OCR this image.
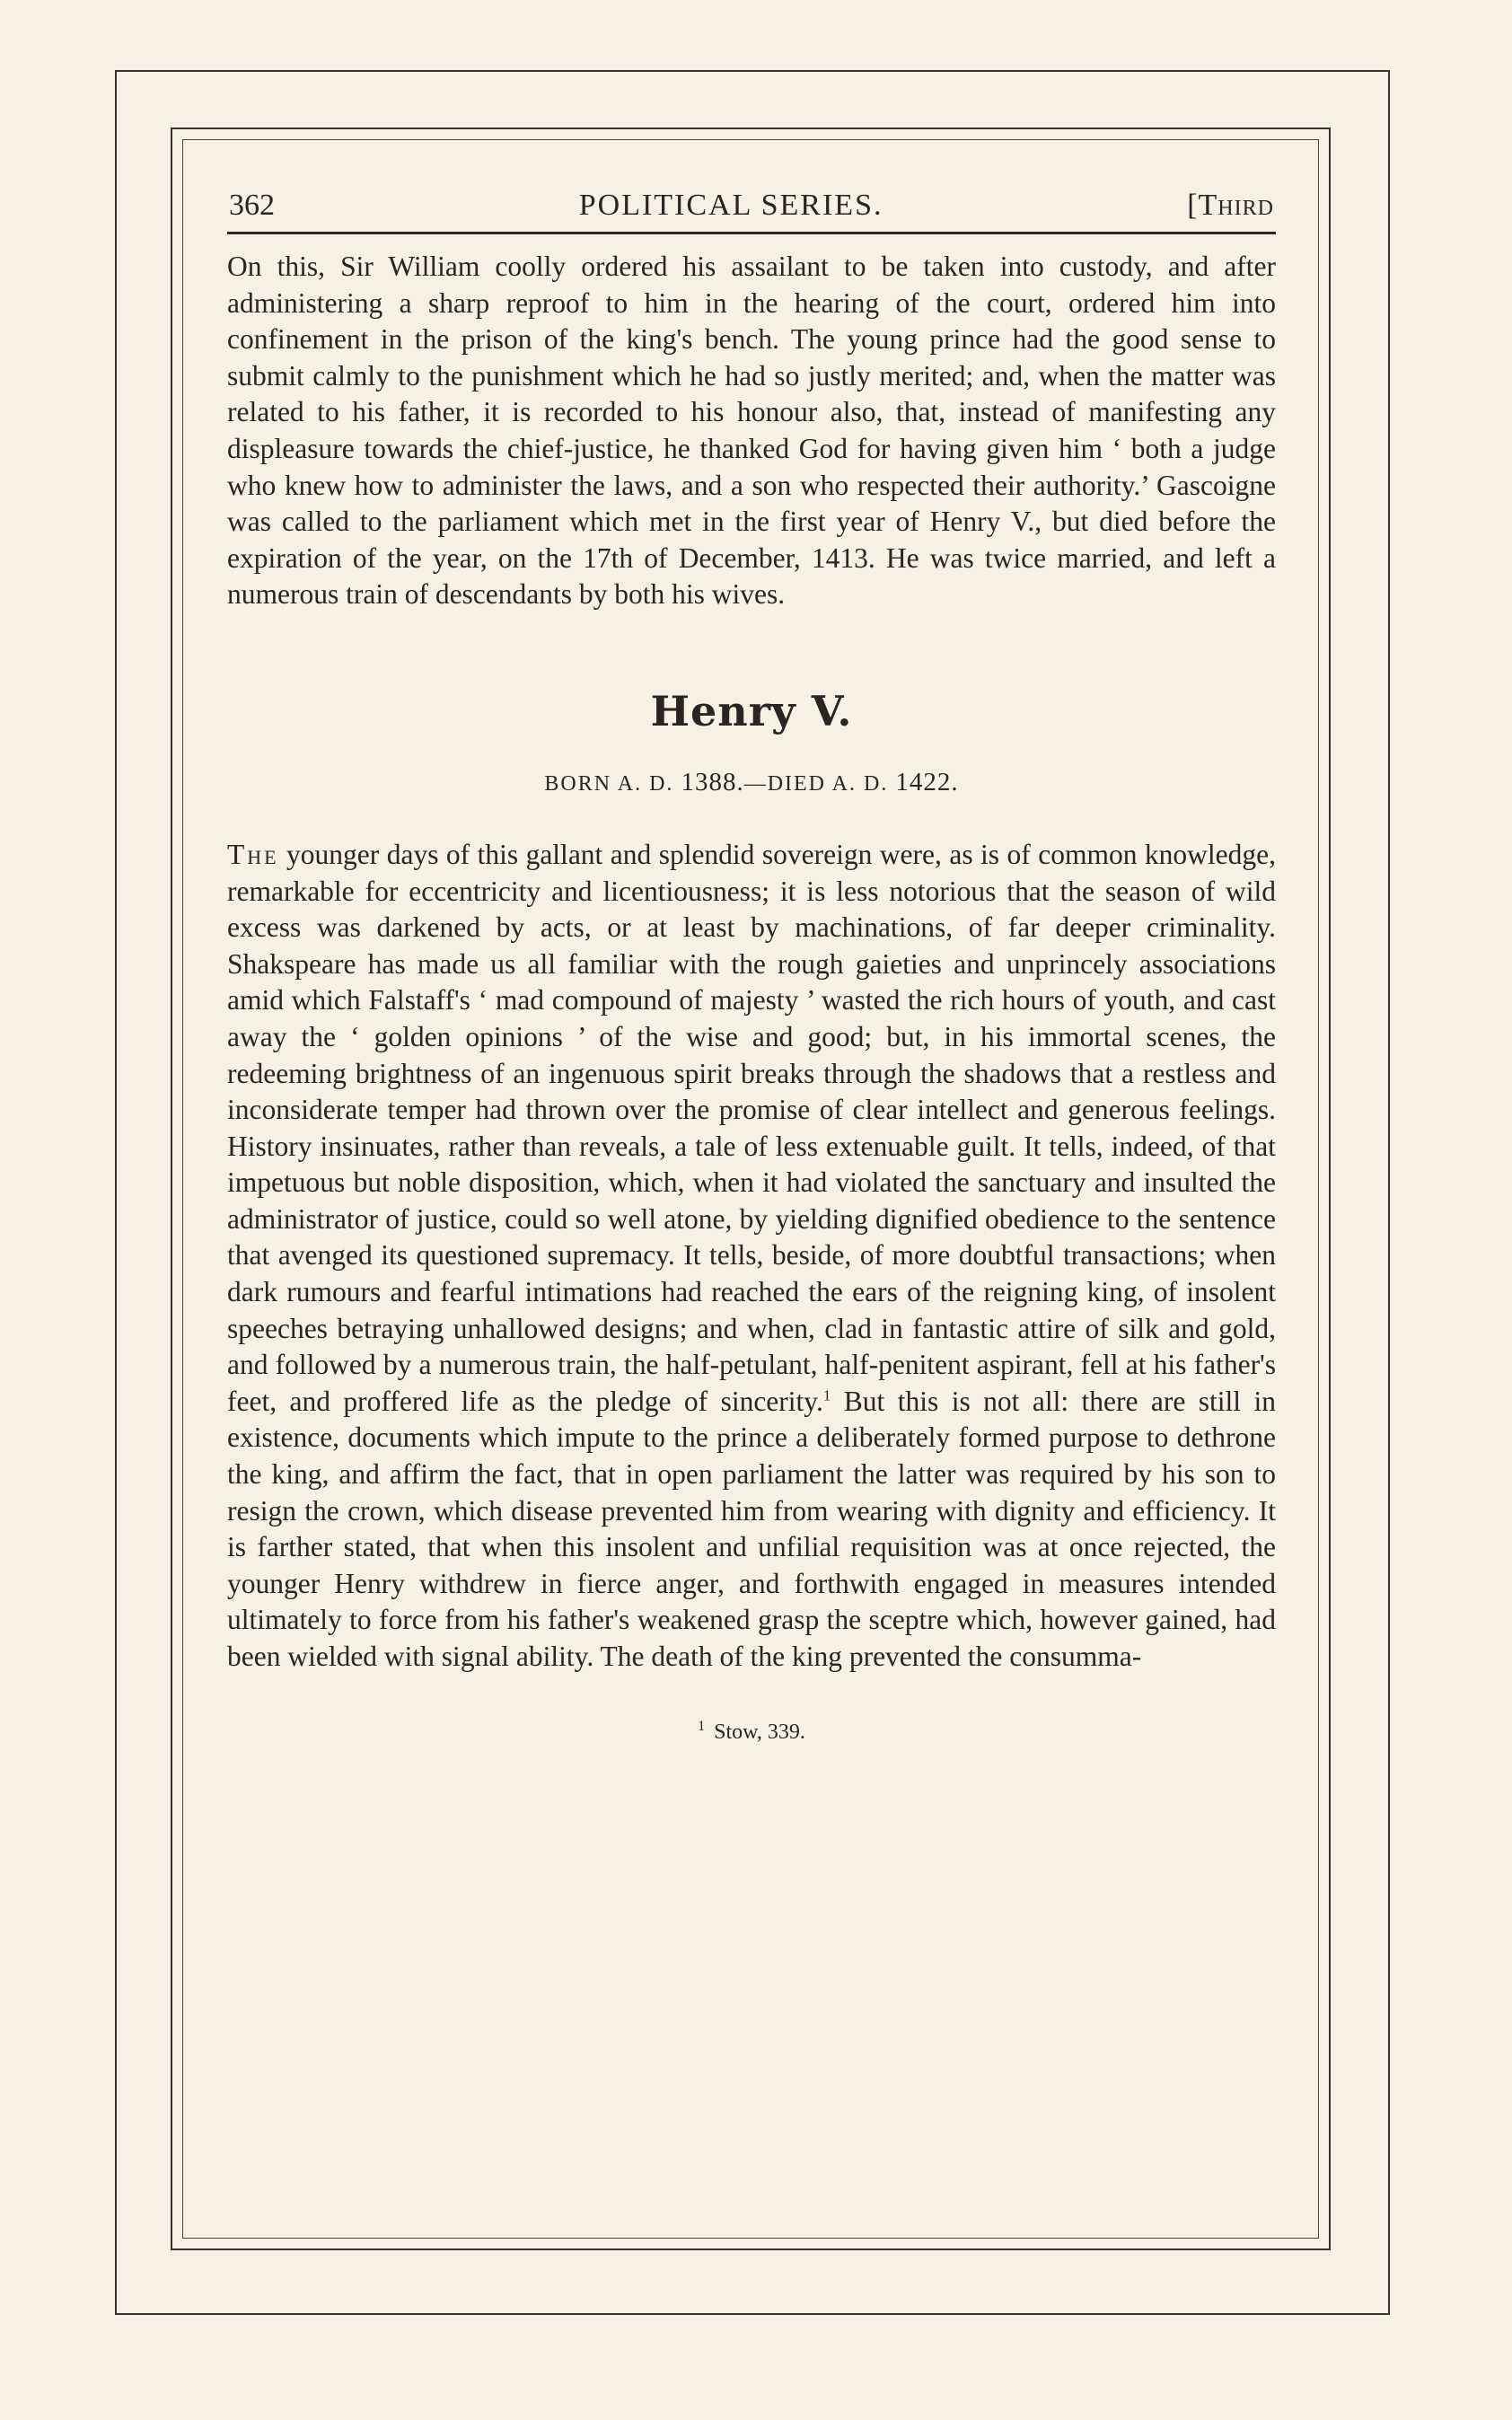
362	POLITICAL SERIES.	[Third

On this, Sir William coolly ordered his assailant to be taken into custody, and after administering a sharp reproof to him in the hearing of the court, ordered him into confinement in the prison of the king's bench. The young prince had the good sense to submit calmly to the punishment which he had so justly merited; and, when the matter was related to his father, it is recorded to his honour also, that, instead of manifesting any displeasure towards the chief-justice, he thanked God for having given him ‘ both a judge who knew how to administer the laws, and a son who respected their authority.’ Gascoigne was called to the parliament which met in the first year of Henry V., but died before the expiration of the year, on the 17th of December, 1413. He was twice married, and left a numerous train of descendants by both his wives.

Henry V.
BORN A. D. 1388.—DIED A. D. 1422.

The younger days of this gallant and splendid sovereign were, as is of common knowledge, remarkable for eccentricity and licentiousness; it is less notorious that the season of wild excess was darkened by acts, or at least by machinations, of far deeper criminality. Shakspeare has made us all familiar with the rough gaieties and unprincely associations amid which Falstaff's ‘ mad compound of majesty ’ wasted the rich hours of youth, and cast away the ‘ golden opinions ’ of the wise and good; but, in his immortal scenes, the redeeming brightness of an ingenuous spirit breaks through the shadows that a restless and inconsiderate temper had thrown over the promise of clear intellect and generous feelings. History insinuates, rather than reveals, a tale of less extenuable guilt. It tells, indeed, of that impetuous but noble disposition, which, when it had violated the sanctuary and insulted the administrator of justice, could so well atone, by yielding dignified obedience to the sentence that avenged its questioned supremacy. It tells, beside, of more doubtful transactions; when dark rumours and fearful intimations had reached the ears of the reigning king, of insolent speeches betraying unhallowed designs; and when, clad in fantastic attire of silk and gold, and followed by a numerous train, the half-petulant, half-penitent aspirant, fell at his father's feet, and proffered life as the pledge of sincerity.$^1$ But this is not all: there are still in existence, documents which impute to the prince a deliberately formed purpose to dethrone the king, and affirm the fact, that in open parliament the latter was required by his son to resign the crown, which disease prevented him from wearing with dignity and efficiency. It is farther stated, that when this insolent and unfilial requisition was at once rejected, the younger Henry withdrew in fierce anger, and forthwith engaged in measures intended ultimately to force from his father's weakened grasp the sceptre which, however gained, had been wielded with signal ability. The death of the king prevented the consumma-

$^1$ Stow, 339.
